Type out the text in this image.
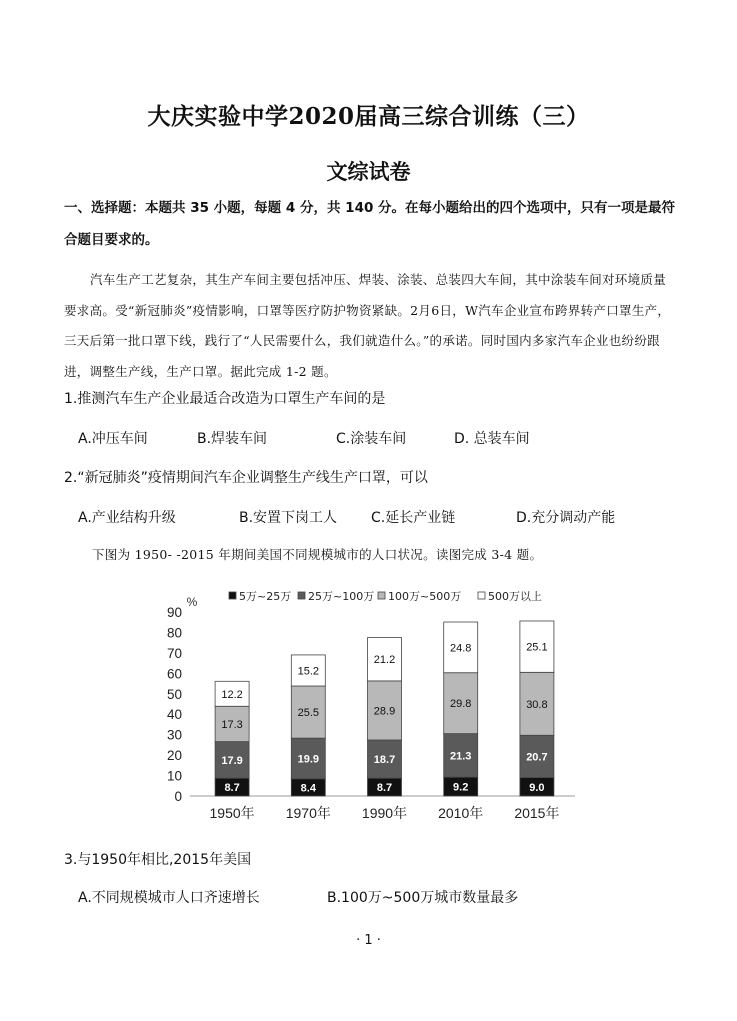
大庆实验中学2020届高三综合训练（三）
文综试卷
一、选择题：本题共 35 小题，每题 4 分，共 140 分。在每小题给出的四个选项中，只有一项是最符合题目要求的。
汽车生产工艺复杂，其生产车间主要包括冲压、焊装、涂装、总装四大车间，其中涂装车间对环境质量要求高。受“新冠肺炎”疫情影响，口罩等医疗防护物资紧缺。2月6日，W汽车企业宣布跨界转产口罩生产，三天后第一批口罩下线，践行了“人民需要什么，我们就造什么。”的承诺。同时国内多家汽车企业也纷纷跟进，调整生产线，生产口罩。据此完成 1-2 题。
1.推测汽车生产企业最适合改造为口罩生产车间的是
A.冲压车间	B.焊装车间	C.涂装车间	D. 总装车间
2.“新冠肺炎”疫情期间汽车企业调整生产线生产口罩，可以
A.产业结构升级	B.安置下岗工人 C.延长产业链	D.充分调动产能
下图为 1950- -2015 年期间美国不同规模城市的人口状况。读图完成 3-4 题。
%
0
10
20
30
40
50
60
70
80
90
8.7
17.9
17.3
12.2
1950年
8.4
19.9
25.5
15.2
1970年
8.7
18.7
28.9
21.2
1990年
9.2
21.3
29.8
24.8
2010年
9.0
20.7
30.8
25.1
2015年
5万~25万 25万~100万 100万~500万 500万以上
3.与1950年相比,2015年美国
A.不同规模城市人口齐速增长	B.100万~500万城市数量最多
· 1 ·
